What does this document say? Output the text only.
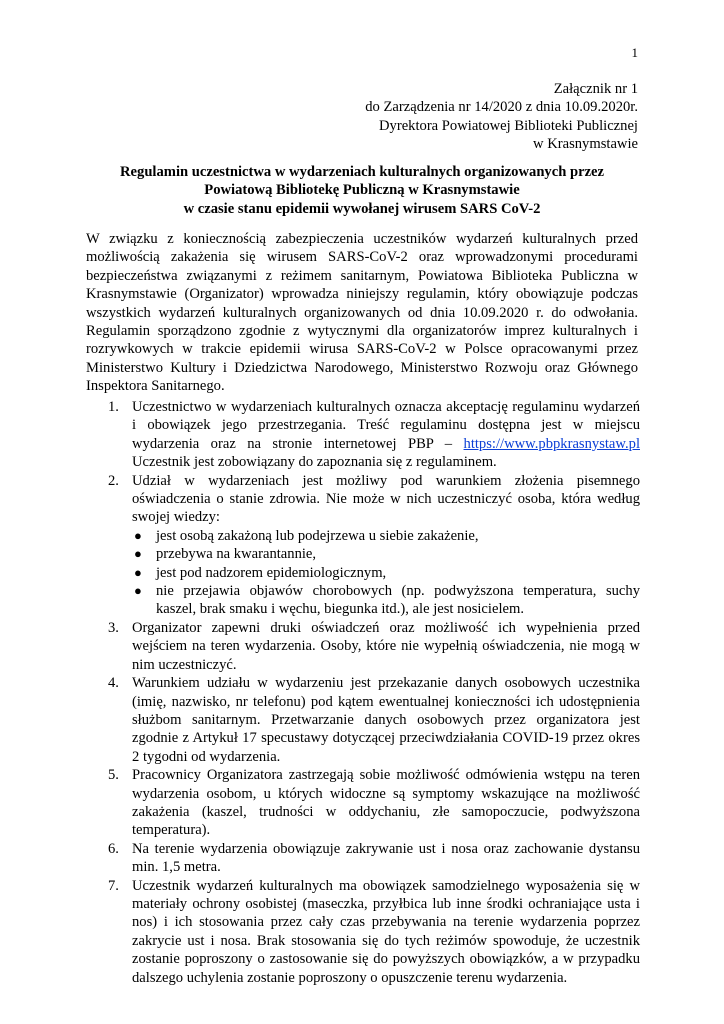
1
Załącznik nr 1
do Zarządzenia nr 14/2020 z dnia 10.09.2020r.
Dyrektora Powiatowej Biblioteki Publicznej
w Krasnymstawie
Regulamin uczestnictwa w wydarzeniach kulturalnych organizowanych przez
Powiatową Bibliotekę Publiczną w Krasnymstawie
w czasie stanu epidemii wywołanej wirusem SARS CoV-2

W związku z koniecznością zabezpieczenia uczestników wydarzeń kulturalnych przed możliwością zakażenia się wirusem SARS-CoV-2 oraz wprowadzonymi procedurami bezpieczeństwa związanymi z reżimem sanitarnym, Powiatowa Biblioteka Publiczna w Krasnymstawie (Organizator) wprowadza niniejszy regulamin, który obowiązuje podczas wszystkich wydarzeń kulturalnych organizowanych od dnia 10.09.2020 r. do odwołania. Regulamin sporządzono zgodnie z wytycznymi dla organizatorów imprez kulturalnych i rozrywkowych w trakcie epidemii wirusa SARS-CoV-2 w Polsce opracowanymi przez Ministerstwo Kultury i Dziedzictwa Narodowego, Ministerstwo Rozwoju oraz Głównego Inspektora Sanitarnego.

1. Uczestnictwo w wydarzeniach kulturalnych oznacza akceptację regulaminu wydarzeń i obowiązek jego przestrzegania. Treść regulaminu dostępna jest w miejscu wydarzenia oraz na stronie internetowej PBP – https://www.pbpkrasnystaw.pl Uczestnik jest zobowiązany do zapoznania się z regulaminem.
2. Udział w wydarzeniach jest możliwy pod warunkiem złożenia pisemnego oświadczenia o stanie zdrowia. Nie może w nich uczestniczyć osoba, która według swojej wiedzy:
● jest osobą zakażoną lub podejrzewa u siebie zakażenie,
● przebywa na kwarantannie,
● jest pod nadzorem epidemiologicznym,
● nie przejawia objawów chorobowych (np. podwyższona temperatura, suchy kaszel, brak smaku i węchu, biegunka itd.), ale jest nosicielem.
3. Organizator zapewni druki oświadczeń oraz możliwość ich wypełnienia przed wejściem na teren wydarzenia. Osoby, które nie wypełnią oświadczenia, nie mogą w nim uczestniczyć.
4. Warunkiem udziału w wydarzeniu jest przekazanie danych osobowych uczestnika (imię, nazwisko, nr telefonu) pod kątem ewentualnej konieczności ich udostępnienia służbom sanitarnym. Przetwarzanie danych osobowych przez organizatora jest zgodnie z Artykuł 17 specustawy dotyczącej przeciwdziałania COVID-19 przez okres 2 tygodni od wydarzenia.
5. Pracownicy Organizatora zastrzegają sobie możliwość odmówienia wstępu na teren wydarzenia osobom, u których widoczne są symptomy wskazujące na możliwość zakażenia (kaszel, trudności w oddychaniu, złe samopoczucie, podwyższona temperatura).
6. Na terenie wydarzenia obowiązuje zakrywanie ust i nosa oraz zachowanie dystansu min. 1,5 metra.
7. Uczestnik wydarzeń kulturalnych ma obowiązek samodzielnego wyposażenia się w materiały ochrony osobistej (maseczka, przyłbica lub inne środki ochraniające usta i nos) i ich stosowania przez cały czas przebywania na terenie wydarzenia poprzez zakrycie ust i nosa. Brak stosowania się do tych reżimów spowoduje, że uczestnik zostanie poproszony o zastosowanie się do powyższych obowiązków, a w przypadku dalszego uchylenia zostanie poproszony o opuszczenie terenu wydarzenia.
